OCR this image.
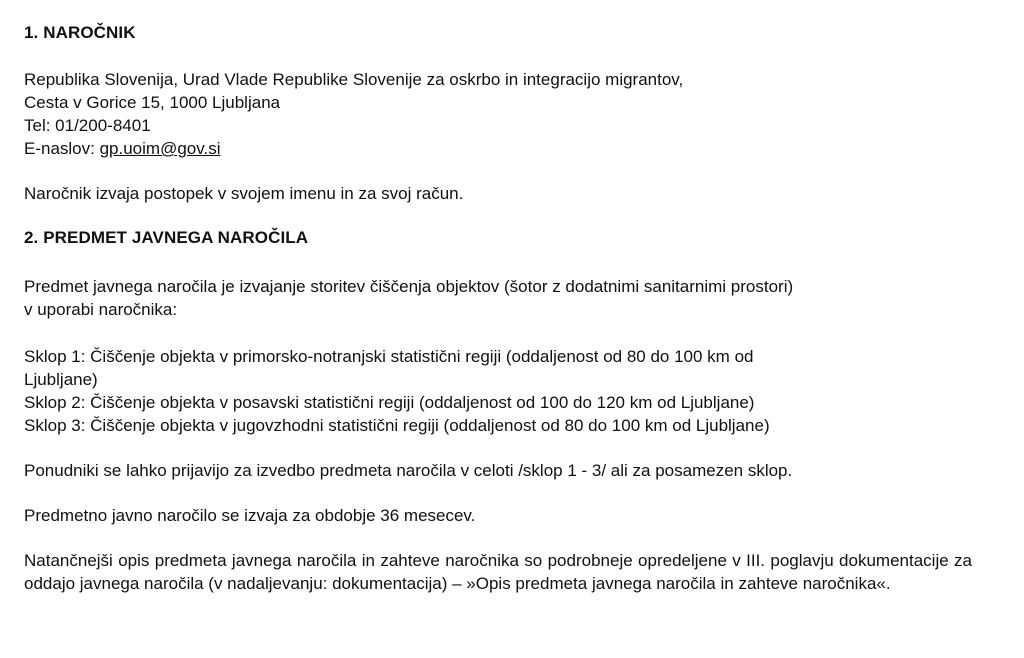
1. NAROČNIK
Republika Slovenija, Urad Vlade Republike Slovenije za oskrbo in integracijo migrantov,
Cesta v Gorice 15, 1000 Ljubljana
Tel: 01/200-8401
E-naslov: gp.uoim@gov.si
Naročnik izvaja postopek v svojem imenu in za svoj račun.
2. PREDMET JAVNEGA NAROČILA
Predmet javnega naročila je izvajanje storitev čiščenja objektov (šotor z dodatnimi sanitarnimi prostori)
v uporabi naročnika:
Sklop 1: Čiščenje objekta v primorsko-notranjski statistični regiji (oddaljenost od 80 do 100 km od
Ljubljane)
Sklop 2: Čiščenje objekta v posavski statistični regiji (oddaljenost od 100 do 120 km od Ljubljane)
Sklop 3: Čiščenje objekta v jugovzhodni statistični regiji (oddaljenost od 80 do 100 km od Ljubljane)
Ponudniki se lahko prijavijo za izvedbo predmeta naročila v celoti /sklop 1 - 3/ ali za posamezen sklop.
Predmetno javno naročilo se izvaja za obdobje 36 mesecev.
Natančnejši opis predmeta javnega naročila in zahteve naročnika so podrobneje opredeljene v III. poglavju dokumentacije za oddajo javnega naročila (v nadaljevanju: dokumentacija) – »Opis predmeta javnega naročila in zahteve naročnika«.
